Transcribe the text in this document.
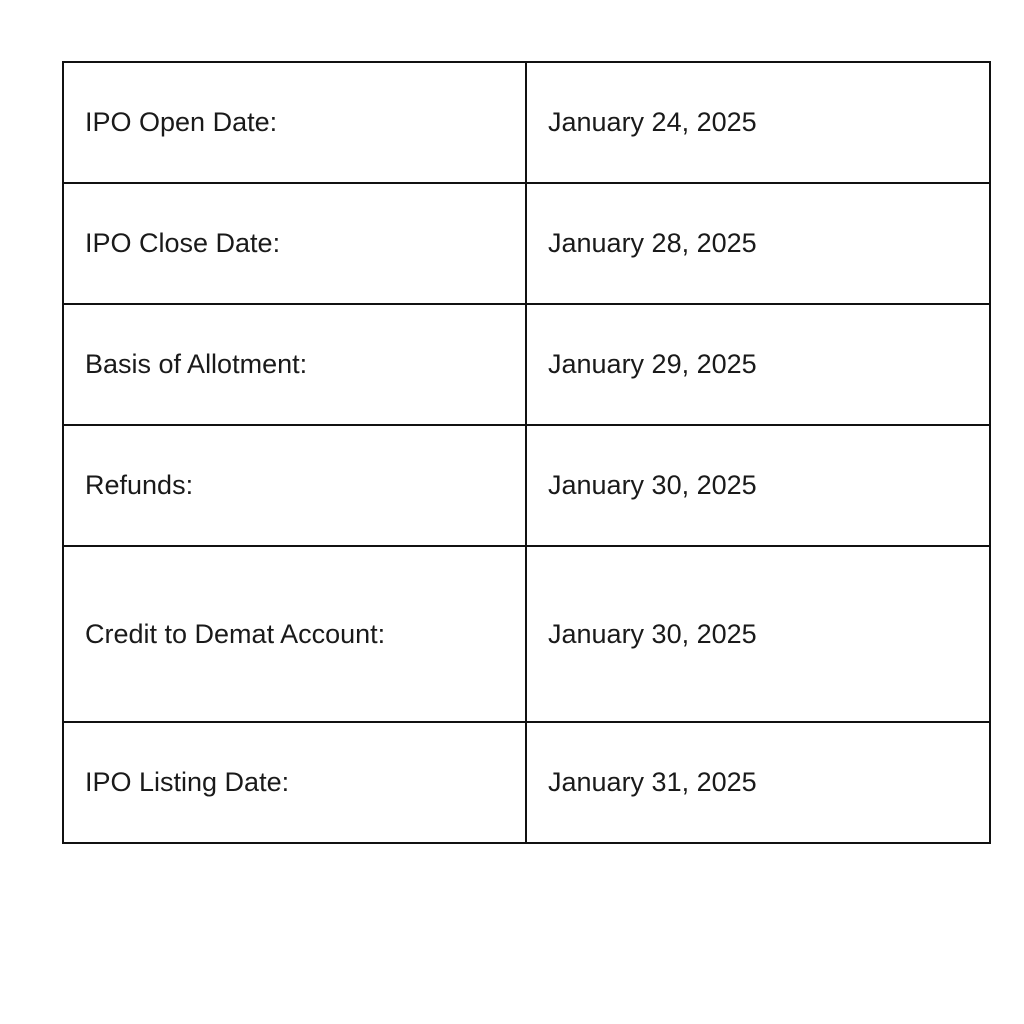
IPO Open Date:	January 24, 2025
IPO Close Date:	January 28, 2025
Basis of Allotment:	January 29, 2025
Refunds:	January 30, 2025
Credit to Demat Account:	January 30, 2025
IPO Listing Date:	January 31, 2025
